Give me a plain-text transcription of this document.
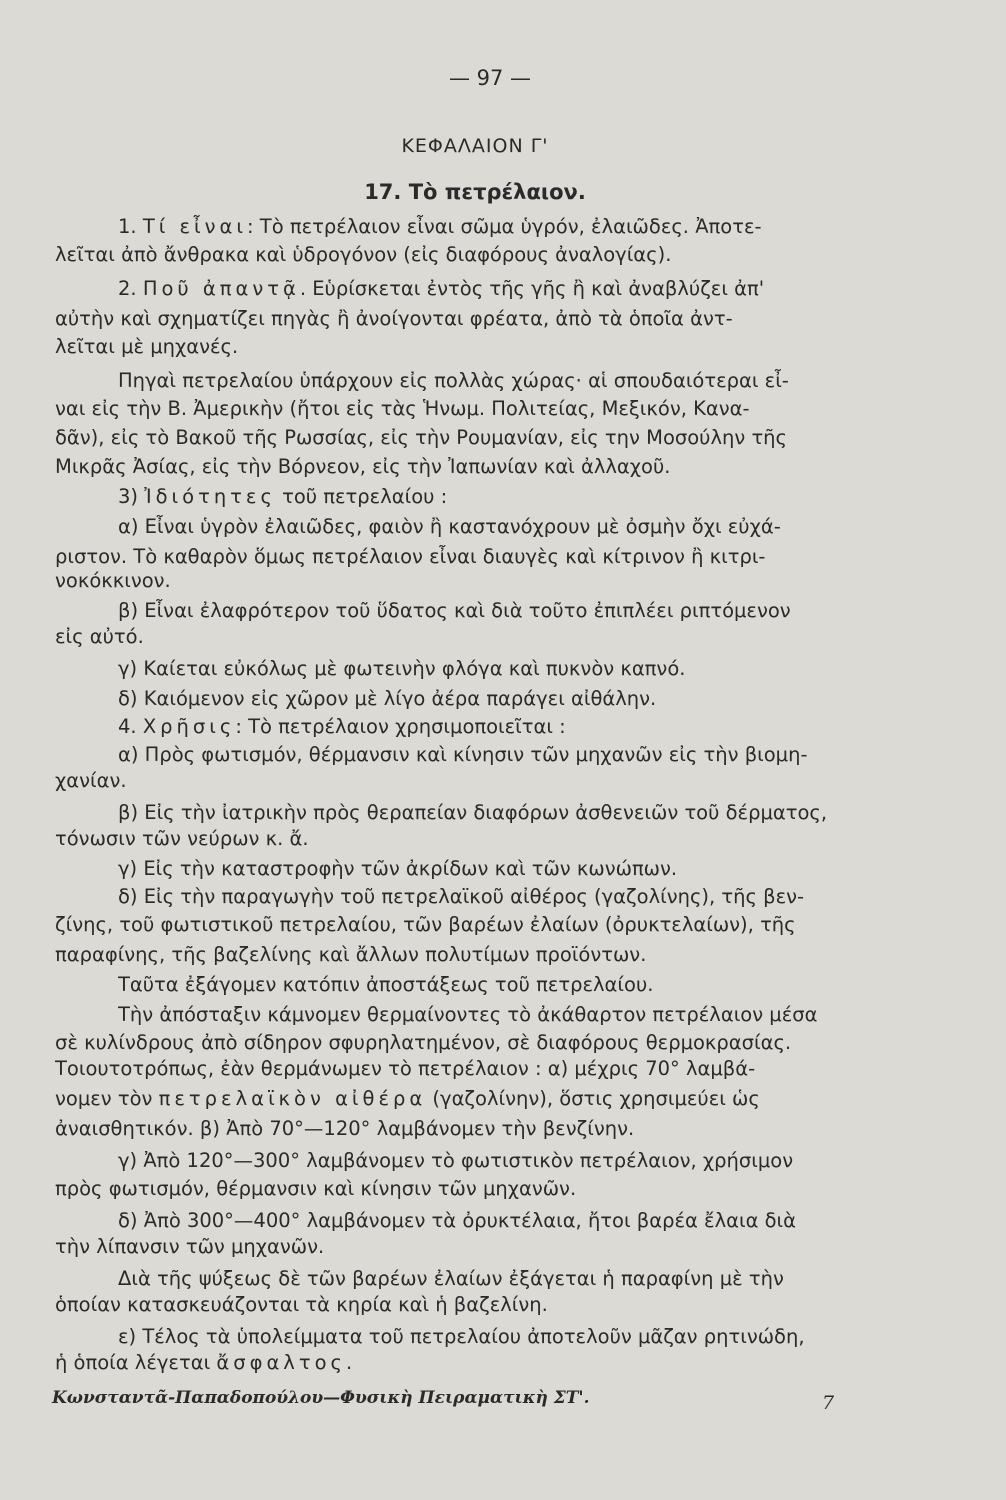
— 97 —
ΚΕΦΑΛΑΙΟΝ Γ'
17. Τὸ πετρέλαιον.
1. Τί εἶναι: Τὸ πετρέλαιον εἶναι σῶμα ὑγρόν, ἐλαιῶδες. Ἀποτε-
λεῖται ἀπὸ ἄνθρακα καὶ ὑδρογόνον (εἰς διαφόρους ἀναλογίας).
2. Ποῦ ἀπαντᾷ. Εὑρίσκεται ἐντὸς τῆς γῆς ἢ καὶ ἀναβλύζει ἀπ'
αὐτὴν καὶ σχηματίζει πηγὰς ἢ ἀνοίγονται φρέατα, ἀπὸ τὰ ὁποῖα ἀντ-
λεῖται μὲ μηχανές.
Πηγαὶ πετρελαίου ὑπάρχουν εἰς πολλὰς χώρας· αἱ σπουδαιότεραι εἶ-
ναι εἰς τὴν Β. Ἀμερικὴν (ἤτοι εἰς τὰς Ἡνωμ. Πολιτείας, Μεξικόν, Κανα-
δᾶν), εἰς τὸ Βακοῦ τῆς Ρωσσίας, εἰς τὴν Ρουμανίαν, εἰς την Μοσούλην τῆς
Μικρᾶς Ἀσίας, εἰς τὴν Βόρνεον, εἰς τὴν Ἰαπωνίαν καὶ ἀλλαχοῦ.
3) Ἰδιότητες τοῦ πετρελαίου :
α) Εἶναι ὑγρὸν ἐλαιῶδες, φαιὸν ἢ καστανόχρουν μὲ ὀσμὴν ὄχι εὐχά-
ριστον. Τὸ καθαρὸν ὅμως πετρέλαιον εἶναι διαυγὲς καὶ κίτρινον ἢ κιτρι-
νοκόκκινον.
β) Εἶναι ἐλαφρότερον τοῦ ὕδατος καὶ διὰ τοῦτο ἐπιπλέει ριπτόμενον
εἰς αὐτό.
γ) Καίεται εὐκόλως μὲ φωτεινὴν φλόγα καὶ πυκνὸν καπνό.
δ) Καιόμενον εἰς χῶρον μὲ λίγο ἀέρα παράγει αἰθάλην.
4. Χρῆσις: Τὸ πετρέλαιον χρησιμοποιεῖται :
α) Πρὸς φωτισμόν, θέρμανσιν καὶ κίνησιν τῶν μηχανῶν εἰς τὴν βιομη-
χανίαν.
β) Εἰς τὴν ἰατρικὴν πρὸς θεραπείαν διαφόρων ἀσθενειῶν τοῦ δέρματος,
τόνωσιν τῶν νεύρων κ. ἄ.
γ) Εἰς τὴν καταστροφὴν τῶν ἀκρίδων καὶ τῶν κωνώπων.
δ) Εἰς τὴν παραγωγὴν τοῦ πετρελαϊκοῦ αἰθέρος (γαζολίνης), τῆς βεν-
ζίνης, τοῦ φωτιστικοῦ πετρελαίου, τῶν βαρέων ἐλαίων (ὀρυκτελαίων), τῆς
παραφίνης, τῆς βαζελίνης καὶ ἄλλων πολυτίμων προϊόντων.
Ταῦτα ἐξάγομεν κατόπιν ἀποστάξεως τοῦ πετρελαίου.
Τὴν ἀπόσταξιν κάμνομεν θερμαίνοντες τὸ ἀκάθαρτον πετρέλαιον μέσα
σὲ κυλίνδρους ἀπὸ σίδηρον σφυρηλατημένον, σὲ διαφόρους θερμοκρασίας.
Τοιουτοτρόπως, ἐὰν θερμάνωμεν τὸ πετρέλαιον : α) μέχρις 70° λαμβά-
νομεν τὸν πετρελαϊκὸν αἰθέρα (γαζολίνην), ὅστις χρησιμεύει ὡς
ἀναισθητικόν. β) Ἀπὸ 70°—120° λαμβάνομεν τὴν βενζίνην.
γ) Ἀπὸ 120°—300° λαμβάνομεν τὸ φωτιστικὸν πετρέλαιον, χρήσιμον
πρὸς φωτισμόν, θέρμανσιν καὶ κίνησιν τῶν μηχανῶν.
δ) Ἀπὸ 300°—400° λαμβάνομεν τὰ ὀρυκτέλαια, ἤτοι βαρέα ἔλαια διὰ
τὴν λίπανσιν τῶν μηχανῶν.
Διὰ τῆς ψύξεως δὲ τῶν βαρέων ἐλαίων ἐξάγεται ἡ παραφίνη μὲ τὴν
ὁποίαν κατασκευάζονται τὰ κηρία καὶ ἡ βαζελίνη.
ε) Τέλος τὰ ὑπολείμματα τοῦ πετρελαίου ἀποτελοῦν μᾶζαν ρητινώδη,
ἡ ὁποία λέγεται ἄσφαλτος.
Κωνσταντᾶ-Παπαδοπούλου—Φυσικὴ Πειραματικὴ ΣΤ'.	7
